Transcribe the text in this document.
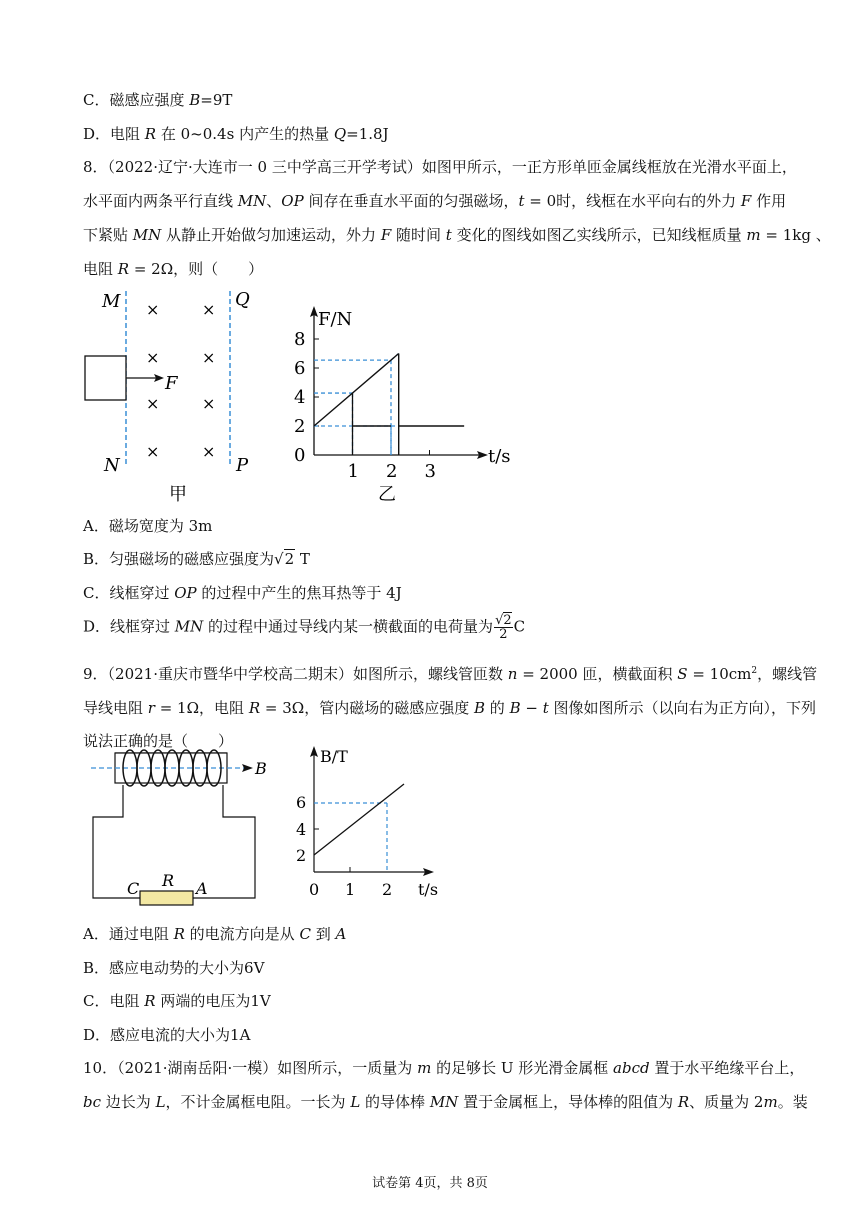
C．磁感应强度 B=9T
D．电阻 R 在 0~0.4s 内产生的热量 Q=1.8J
8．（2022·辽宁·大连市一 0 三中学高三开学考试）如图甲所示，一正方形单匝金属线框放在光滑水平面上，
水平面内两条平行直线 MN、OP 间存在垂直水平面的匀强磁场，t = 0时，线框在水平向右的外力 F 作用
下紧贴 MN 从静止开始做匀加速运动，外力 F 随时间 t 变化的图线如图乙实线所示，已知线框质量 m = 1kg 、
电阻 R = 2Ω，则（　　）
M	Q
N	P
×	×
×	×
×	×
×	×
F
甲
F/N
t/s
乙
0
2
4
6
8
1 2 3
A．磁场宽度为 3m
B．匀强磁场的磁感应强度为√2 T
C．线框穿过 OP 的过程中产生的焦耳热等于 4J
D．线框穿过 MN 的过程中通过导线内某一横截面的电荷量为 $\frac{√2}{2}$ C
9．（2021·重庆市暨华中学校高二期末）如图所示，螺线管匝数 n = 2000 匝，横截面积 $S = 10cm^2$，螺线管
导线电阻 r = 1Ω，电阻 R = 3Ω，管内磁场的磁感应强度 B 的 B − t 图像如图所示（以向右为正方向），下列
说法正确的是（　　）
B
C R A
B/T
t/s
6
4
2
0 1 2
A．通过电阻 R 的电流方向是从 C 到 A
B．感应电动势的大小为6V
C．电阻 R 两端的电压为1V
D．感应电流的大小为1A
10．（2021·湖南岳阳·一模）如图所示，一质量为 m 的足够长 U 形光滑金属框 abcd 置于水平绝缘平台上，
bc 边长为 L，不计金属框电阻。一长为 L 的导体棒 MN 置于金属框上，导体棒的阻值为 R、质量为 2m。装
试卷第 4页，共 8页
